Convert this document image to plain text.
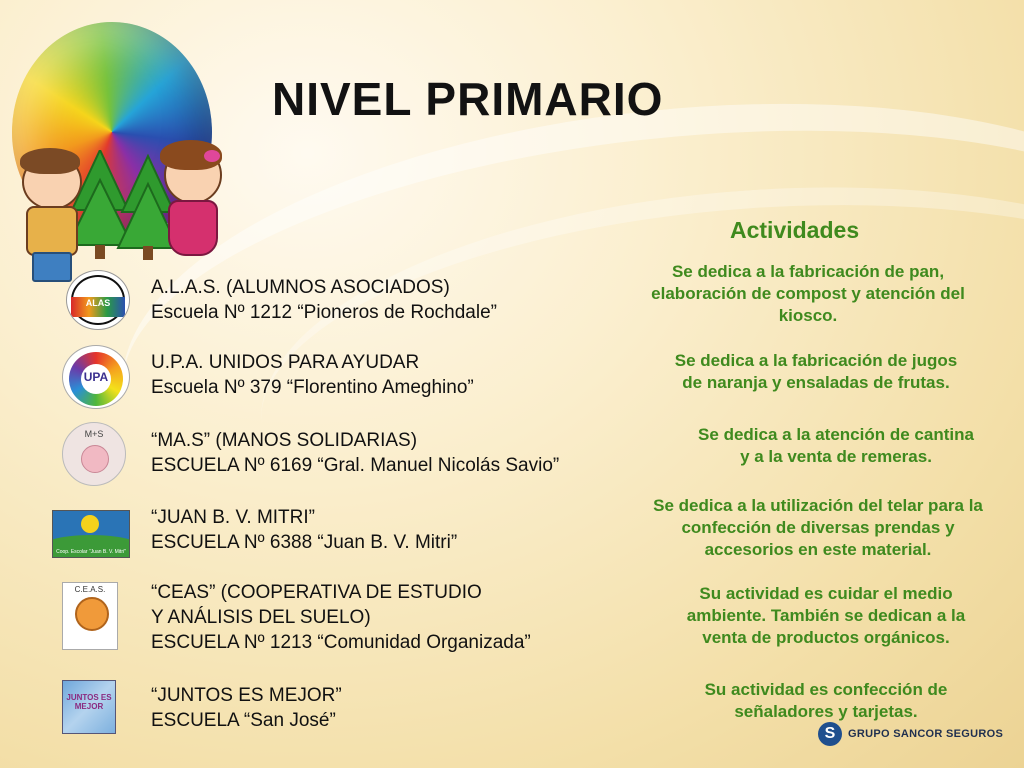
NIVEL PRIMARIO
Actividades
ALAS
UPA
M+S
Coop. Escolar "Juan B. V. Mitri"
C.E.A.S.
JUNTOS ES MEJOR

A.L.A.S. (ALUMNOS ASOCIADOS)
Escuela Nº 1212 “Pioneros de Rochdale”

U.P.A. UNIDOS PARA AYUDAR
Escuela Nº 379 “Florentino Ameghino”

“MA.S” (MANOS SOLIDARIAS)
ESCUELA Nº 6169 “Gral. Manuel Nicolás Savio”

“JUAN B. V. MITRI”
ESCUELA Nº 6388 “Juan B. V. Mitri”

“CEAS” (COOPERATIVA DE ESTUDIO
Y ANÁLISIS DEL SUELO)
ESCUELA Nº 1213 “Comunidad Organizada”

“JUNTOS ES MEJOR”
ESCUELA “San José”

Se dedica a la fabricación de pan,
elaboración de compost y atención del
kiosco.

Se dedica a la fabricación de jugos
de naranja y ensaladas de frutas.

Se dedica a la atención de cantina
y a la venta de remeras.

Se dedica a la utilización del telar para la
confección de diversas prendas y
accesorios en este material.

Su actividad es cuidar el medio
ambiente. También se dedican a la
venta de productos orgánicos.

Su actividad es confección de
señaladores y tarjetas.

S	GRUPO SANCOR SEGUROS
